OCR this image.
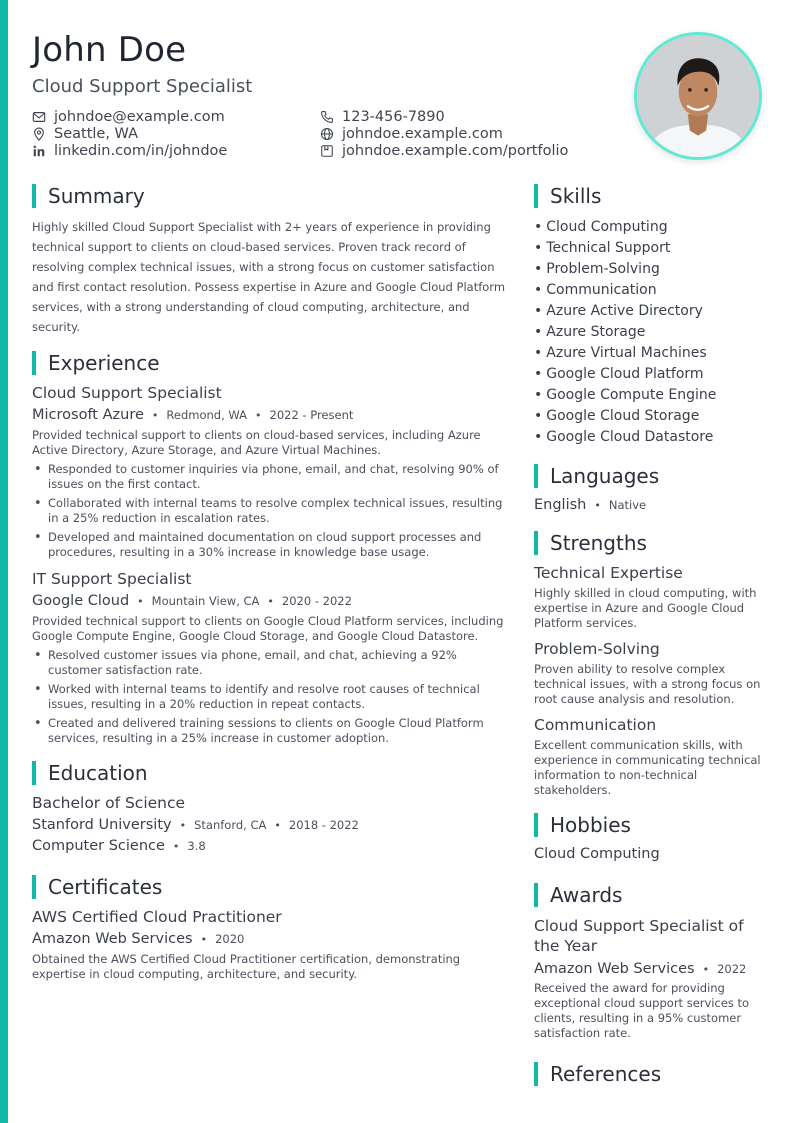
John Doe
Cloud Support Specialist
johndoe@example.com
Seattle, WA
linkedin.com/in/johndoe
123-456-7890
johndoe.example.com
johndoe.example.com/portfolio
Summary
Highly skilled Cloud Support Specialist with 2+ years of experience in providing technical support to clients on cloud-based services. Proven track record of resolving complex technical issues, with a strong focus on customer satisfaction and first contact resolution. Possess expertise in Azure and Google Cloud Platform services, with a strong understanding of cloud computing, architecture, and security.
Experience
Cloud Support Specialist
Microsoft Azure • Redmond, WA • 2022 - Present
Provided technical support to clients on cloud-based services, including Azure Active Directory, Azure Storage, and Azure Virtual Machines.
• Responded to customer inquiries via phone, email, and chat, resolving 90% of issues on the first contact.
• Collaborated with internal teams to resolve complex technical issues, resulting in a 25% reduction in escalation rates.
• Developed and maintained documentation on cloud support processes and procedures, resulting in a 30% increase in knowledge base usage.
IT Support Specialist
Google Cloud • Mountain View, CA • 2020 - 2022
Provided technical support to clients on Google Cloud Platform services, including Google Compute Engine, Google Cloud Storage, and Google Cloud Datastore.
• Resolved customer issues via phone, email, and chat, achieving a 92% customer satisfaction rate.
• Worked with internal teams to identify and resolve root causes of technical issues, resulting in a 20% reduction in repeat contacts.
• Created and delivered training sessions to clients on Google Cloud Platform services, resulting in a 25% increase in customer adoption.
Education
Bachelor of Science
Stanford University • Stanford, CA • 2018 - 2022
Computer Science • 3.8
Certificates
AWS Certified Cloud Practitioner
Amazon Web Services • 2020
Obtained the AWS Certified Cloud Practitioner certification, demonstrating expertise in cloud computing, architecture, and security.
Skills
• Cloud Computing
• Technical Support
• Problem-Solving
• Communication
• Azure Active Directory
• Azure Storage
• Azure Virtual Machines
• Google Cloud Platform
• Google Compute Engine
• Google Cloud Storage
• Google Cloud Datastore
Languages
English • Native
Strengths
Technical Expertise
Highly skilled in cloud computing, with expertise in Azure and Google Cloud Platform services.
Problem-Solving
Proven ability to resolve complex technical issues, with a strong focus on root cause analysis and resolution.
Communication
Excellent communication skills, with experience in communicating technical information to non-technical stakeholders.
Hobbies
Cloud Computing
Awards
Cloud Support Specialist of the Year
Amazon Web Services • 2022
Received the award for providing exceptional cloud support services to clients, resulting in a 95% customer satisfaction rate.
References
